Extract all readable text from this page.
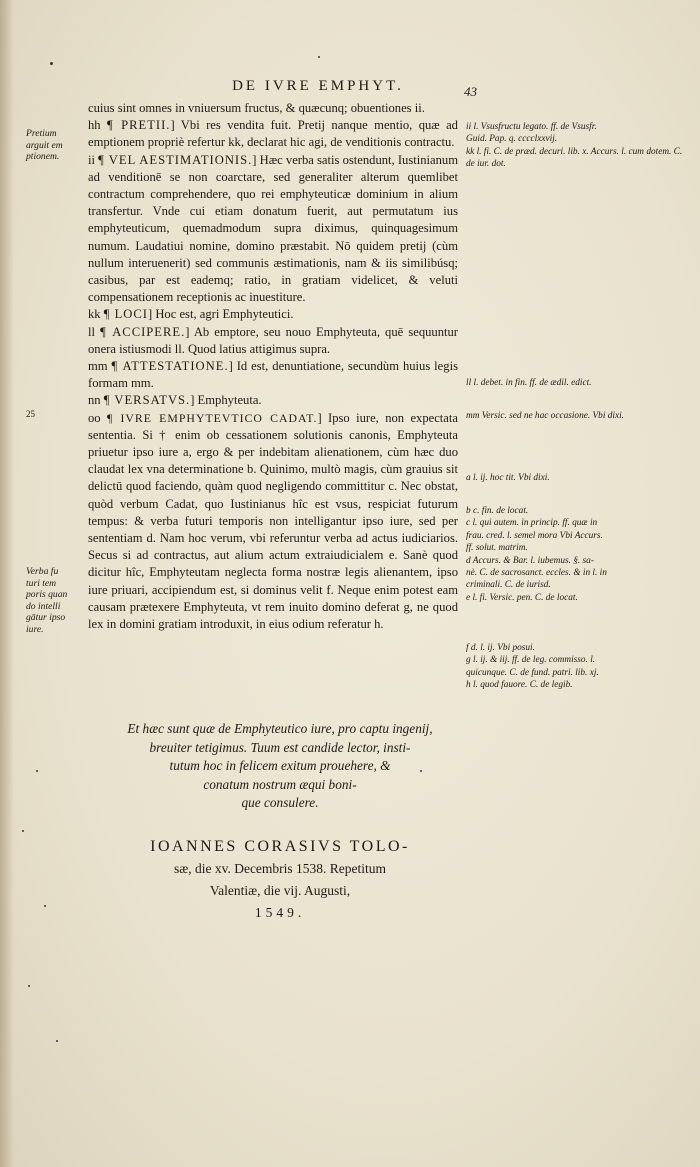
DE IVRE EMPHYT.	43

cuius sint omnes in vniuersum fructus, & quæcunq; obuentiones ii.

hh ¶ PRETII.] Vbi res vendita fuit. Pretij nanque mentio, quæ ad emptionem propriè refertur kk, declarat hic agi, de venditionis contractu.

ii ¶ VEL AESTIMATIONIS.] Hæc verba satis ostendunt, Iustinianum ad venditionē se non coarctare, sed generaliter alterum quemlibet contractum comprehendere, quo rei emphyteuticæ dominium in alium transfertur. Vnde cui etiam donatum fuerit, aut permutatum ius emphyteuticum, quemadmodum supra diximus, quinquagesimum numum. Laudatiui nomine, domino præstabit. Nō quidem pretij (cùm nullum interuenerit) sed communis æstimationis, nam & iis similibúsq; casibus, par est eademq; ratio, in gratiam videlicet, & veluti compensationem receptionis ac inuestiture.

kk ¶ LOCI] Hoc est, agri Emphyteutici.

ll ¶ ACCIPERE.] Ab emptore, seu nouo Emphyteuta, quē sequuntur onera istiusmodi ll. Quod latius attigimus supra.

mm ¶ ATTESTATIONE.] Id est, denuntiatione, secundùm huius legis formam mm.

nn ¶ VERSATVS.] Emphyteuta.

oo ¶ IVRE EMPHYTEVTICO CADAT.] Ipso iure, non expectata sententia. Si † enim ob cessationem solutionis canonis, Emphyteuta priuetur ipso iure a, ergo & per indebitam alienationem, cùm hæc duo claudat lex vna determinatione b. Quinimo, multò magis, cùm grauius sit delictū quod faciendo, quàm quod negligendo committitur c. Nec obstat, quòd verbum Cadat, quo Iustinianus hîc est vsus, respiciat futurum tempus: & verba futuri temporis non intelligantur ipso iure, sed per sententiam d. Nam hoc verum, vbi referuntur verba ad actus iudiciarios. Secus si ad contractus, aut alium actum extraiudicialem e. Sanè quod dicitur hîc, Emphyteutam neglecta forma nostræ legis alienantem, ipso iure priuari, accipiendum est, si dominus velit f. Neque enim potest eam causam prætexere Emphyteuta, vt rem inuito domino deferat g, ne quod lex in domini gratiam introduxit, in eius odium referatur h.

25
Pretium
arguit em
ptionem.
Verba fu
turi tem
poris quan
do intelli
gātur ipso
iure.
ii l. Vsusfructu legato. ff. de Vsusfr.
Guid. Pap. q. cccclxxvij.
kk l. fi. C. de præd. decuri. lib. x. Accurs. l. cum dotem. C. de iur. dot.
ll l. debet. in fin. ff. de ædil. edict.
mm Versic. sed ne hac occasione. Vbi dixi.
a l. ij. hoc tit. Vbi dixi.
b c. fin. de locat.
c l. qui autem. in princip. ff. quæ in
frau. cred. l. semel mora Vbi Accurs.
ff. solut. matrim.
d Accurs. & Bar. l. iubemus. §. sa-
nè. C. de sacrosanct. eccles. & in l. in
criminali. C. de iurisd.
e l. fi. Versic. pen. C. de locat.
f d. l. ij. Vbi posui.
g l. ij. & iij. ff. de leg. commisso. l.
quicunque. C. de fund. patri. lib. xj.
h l. quod fauore. C. de legib.
Et hæc sunt quæ de Emphyteutico iure, pro captu ingenij,
breuiter tetigimus. Tuum est candide lector, insti-
tutum hoc in felicem exitum prouehere, &
conatum nostrum æqui boni-
que consulere.
IOANNES CORASIVS TOLO-
sæ, die xv. Decembris 1538. Repetitum
Valentiæ, die vij. Augusti,
1549.
